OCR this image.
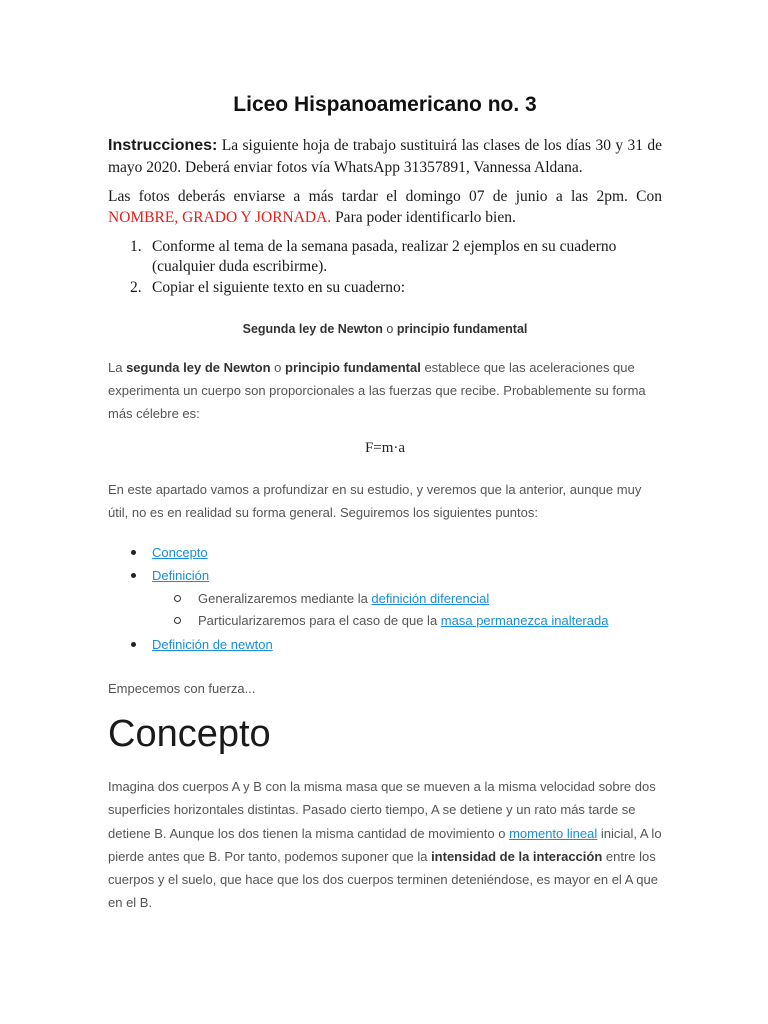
Liceo Hispanoamericano no. 3
Instrucciones: La siguiente hoja de trabajo sustituirá las clases de los días 30 y 31 de mayo 2020. Deberá enviar fotos vía WhatsApp 31357891, Vannessa Aldana.
Las fotos deberás enviarse a más tardar el domingo 07 de junio a las 2pm. Con NOMBRE, GRADO Y JORNADA. Para poder identificarlo bien.
1. Conforme al tema de la semana pasada, realizar 2 ejemplos en su cuaderno (cualquier duda escribirme).
2. Copiar el siguiente texto en su cuaderno:
Segunda ley de Newton o principio fundamental
La segunda ley de Newton o principio fundamental establece que las aceleraciones que experimenta un cuerpo son proporcionales a las fuerzas que recibe. Probablemente su forma más célebre es:
F=m·a
En este apartado vamos a profundizar en su estudio, y veremos que la anterior, aunque muy útil, no es en realidad su forma general. Seguiremos los siguientes puntos:
Concepto
Definición
Generalizaremos mediante la definición diferencial
Particularizaremos para el caso de que la masa permanezca inalterada
Definición de newton
Empecemos con fuerza...
Concepto
Imagina dos cuerpos A y B con la misma masa que se mueven a la misma velocidad sobre dos superficies horizontales distintas. Pasado cierto tiempo, A se detiene y un rato más tarde se detiene B. Aunque los dos tienen la misma cantidad de movimiento o momento lineal inicial, A lo pierde antes que B. Por tanto, podemos suponer que la intensidad de la interacción entre los cuerpos y el suelo, que hace que los dos cuerpos terminen deteniéndose, es mayor en el A que en el B.
